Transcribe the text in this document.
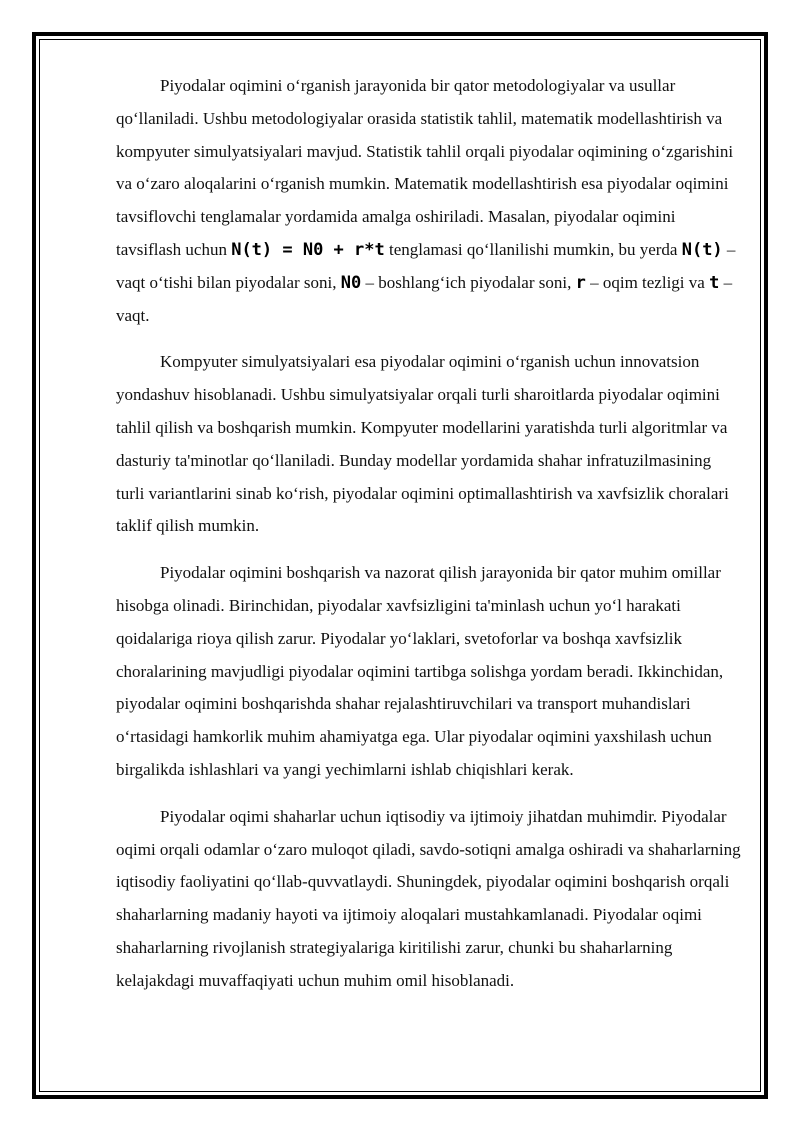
Piyodalar oqimini o‘rganish jarayonida bir qator metodologiyalar va usullar qo‘llaniladi. Ushbu metodologiyalar orasida statistik tahlil, matematik modellashtirish va kompyuter simulyatsiyalari mavjud. Statistik tahlil orqali piyodalar oqimining o‘zgarishini va o‘zaro aloqalarini o‘rganish mumkin. Matematik modellashtirish esa piyodalar oqimini tavsiflovchi tenglamalar yordamida amalga oshiriladi. Masalan, piyodalar oqimini tavsiflash uchun N(t) = N0 + r*t tenglamasi qo‘llanilishi mumkin, bu yerda N(t) – vaqt o‘tishi bilan piyodalar soni, N0 – boshlang‘ich piyodalar soni, r – oqim tezligi va t – vaqt.

Kompyuter simulyatsiyalari esa piyodalar oqimini o‘rganish uchun innovatsion yondashuv hisoblanadi. Ushbu simulyatsiyalar orqali turli sharoitlarda piyodalar oqimini tahlil qilish va boshqarish mumkin. Kompyuter modellarini yaratishda turli algoritmlar va dasturiy ta'minotlar qo‘llaniladi. Bunday modellar yordamida shahar infratuzilmasining turli variantlarini sinab ko‘rish, piyodalar oqimini optimallashtirish va xavfsizlik choralari taklif qilish mumkin.

Piyodalar oqimini boshqarish va nazorat qilish jarayonida bir qator muhim omillar hisobga olinadi. Birinchidan, piyodalar xavfsizligini ta'minlash uchun yo‘l harakati qoidalariga rioya qilish zarur. Piyodalar yo‘laklari, svetoforlar va boshqa xavfsizlik choralarining mavjudligi piyodalar oqimini tartibga solishga yordam beradi. Ikkinchidan, piyodalar oqimini boshqarishda shahar rejalashtiruvchilari va transport muhandislari o‘rtasidagi hamkorlik muhim ahamiyatga ega. Ular piyodalar oqimini yaxshilash uchun birgalikda ishlashlari va yangi yechimlarni ishlab chiqishlari kerak.

Piyodalar oqimi shaharlar uchun iqtisodiy va ijtimoiy jihatdan muhimdir. Piyodalar oqimi orqali odamlar o‘zaro muloqot qiladi, savdo-sotiqni amalga oshiradi va shaharlarning iqtisodiy faoliyatini qo‘llab-quvvatlaydi. Shuningdek, piyodalar oqimini boshqarish orqali shaharlarning madaniy hayoti va ijtimoiy aloqalari mustahkamlanadi. Piyodalar oqimi shaharlarning rivojlanish strategiyalariga kiritilishi zarur, chunki bu shaharlarning kelajakdagi muvaffaqiyati uchun muhim omil hisoblanadi.
